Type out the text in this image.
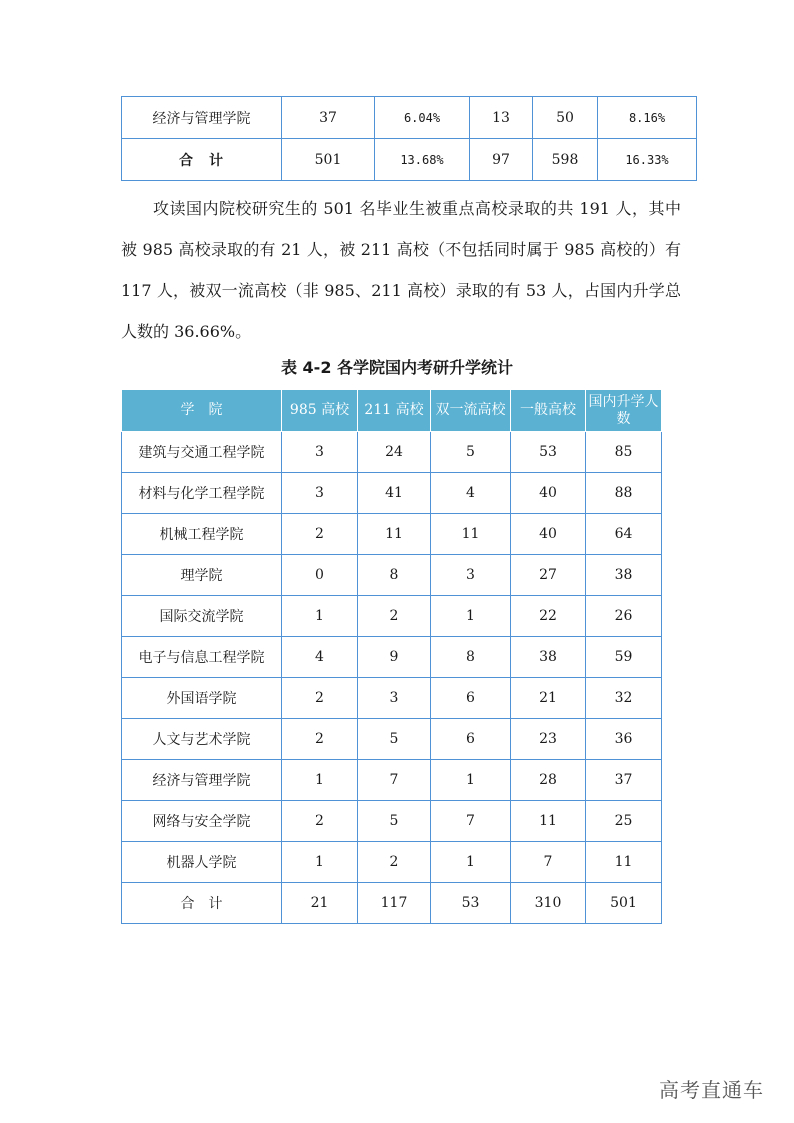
经济与管理学院	37	6.04%	13	50	8.16%
合　计	501	13.68%	97	598	16.33%

攻读国内院校研究生的 501 名毕业生被重点高校录取的共 191 人，其中被 985 高校录取的有 21 人，被 211 高校（不包括同时属于 985 高校的）有 117 人，被双一流高校（非 985、211 高校）录取的有 53 人，占国内升学总人数的 36.66%。

表 4-2 各学院国内考研升学统计
学　院	985 高校	211 高校	双一流高校	一般高校	国内升学人数
建筑与交通工程学院	3	24	5	53	85
材料与化学工程学院	3	41	4	40	88
机械工程学院	2	11	11	40	64
理学院	0	8	3	27	38
国际交流学院	1	2	1	22	26
电子与信息工程学院	4	9	8	38	59
外国语学院	2	3	6	21	32
人文与艺术学院	2	5	6	23	36
经济与管理学院	1	7	1	28	37
网络与安全学院	2	5	7	11	25
机器人学院	1	2	1	7	11
合　计	21	117	53	310	501
高考直通车
